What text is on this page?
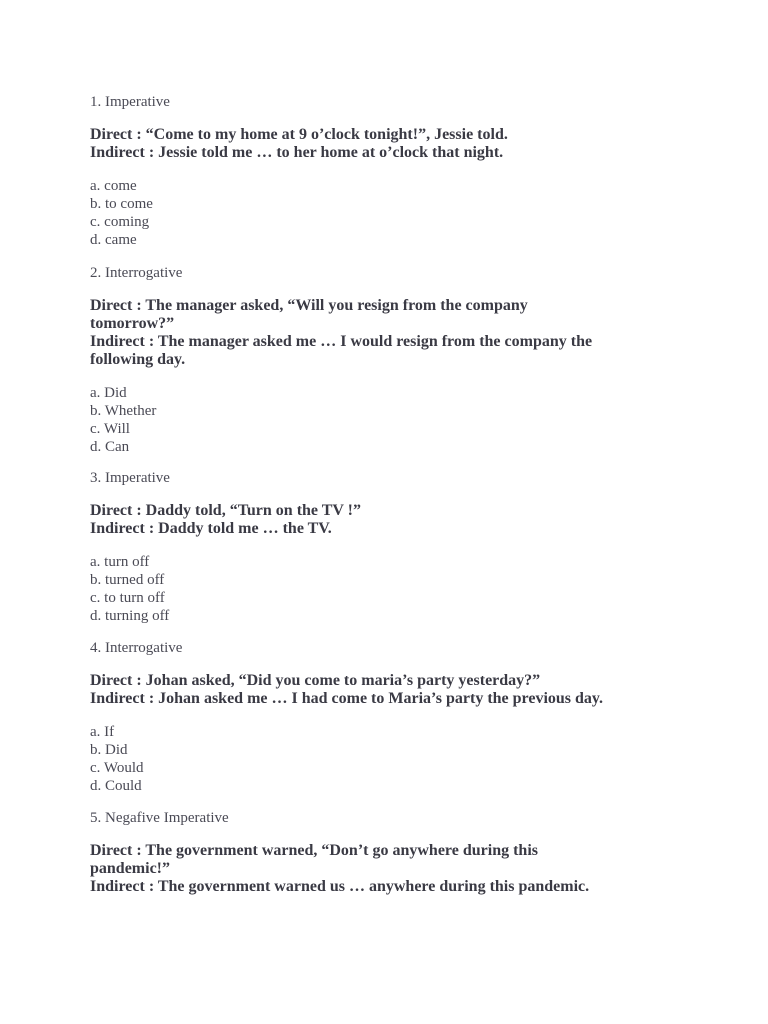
1. Imperative
Direct : “Come to my home at 9 o’clock tonight!”, Jessie told.
Indirect : Jessie told me … to her home at o’clock that night.
a. come
b. to come
c. coming
d. came
2. Interrogative
Direct : The manager asked, “Will you resign from the company
tomorrow?”
Indirect : The manager asked me … I would resign from the company the
following day.
a. Did
b. Whether
c. Will
d. Can
3. Imperative
Direct : Daddy told, “Turn on the TV !”
Indirect : Daddy told me … the TV.
a. turn off
b. turned off
c. to turn off
d. turning off
4. Interrogative
Direct : Johan asked, “Did you come to maria’s party yesterday?”
Indirect : Johan asked me … I had come to Maria’s party the previous day.
a. If
b. Did
c. Would
d. Could
5. Negafive Imperative
Direct : The government warned, “Don’t go anywhere during this
pandemic!”
Indirect : The government warned us … anywhere during this pandemic.
